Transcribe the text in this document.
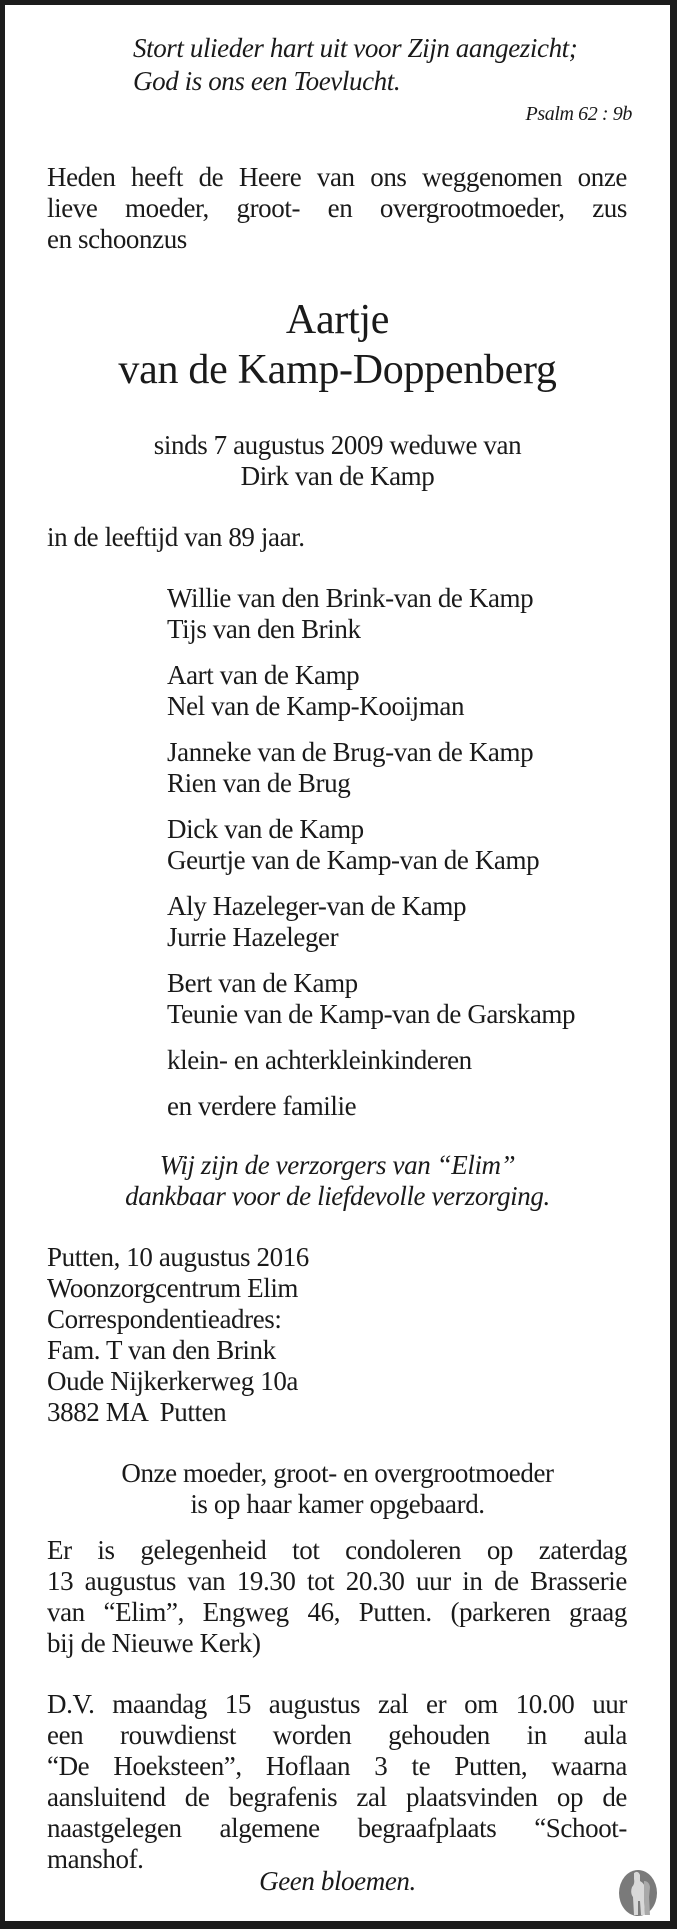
Stort ulieder hart uit voor Zijn aangezicht;
God is ons een Toevlucht.
Psalm 62 : 9b
Heden heeft de Heere van ons weggenomen onze
lieve moeder, groot- en overgrootmoeder, zus
en schoonzus
Aartje
van de Kamp-Doppenberg
sinds 7 augustus 2009 weduwe van
Dirk van de Kamp
in de leeftijd van 89 jaar.
Willie van den Brink-van de Kamp
Tijs van den Brink
Aart van de Kamp
Nel van de Kamp-Kooijman
Janneke van de Brug-van de Kamp
Rien van de Brug
Dick van de Kamp
Geurtje van de Kamp-van de Kamp
Aly Hazeleger-van de Kamp
Jurrie Hazeleger
Bert van de Kamp
Teunie van de Kamp-van de Garskamp
klein- en achterkleinkinderen
en verdere familie
Wij zijn de verzorgers van “Elim”
dankbaar voor de liefdevolle verzorging.
Putten, 10 augustus 2016
Woonzorgcentrum Elim
Correspondentieadres:
Fam. T van den Brink
Oude Nijkerkerweg 10a
3882 MA  Putten
Onze moeder, groot- en overgrootmoeder
is op haar kamer opgebaard.
Er is gelegenheid tot condoleren op zaterdag
13 augustus van 19.30 tot 20.30 uur in de Brasserie
van “Elim”, Engweg 46, Putten. (parkeren graag
bij de Nieuwe Kerk)
D.V. maandag 15 augustus zal er om 10.00 uur
een rouwdienst worden gehouden in aula
“De Hoeksteen”, Hoflaan 3 te Putten, waarna
aansluitend de begrafenis zal plaatsvinden op de
naastgelegen algemene begraafplaats “Schoot-
manshof.
Geen bloemen.
